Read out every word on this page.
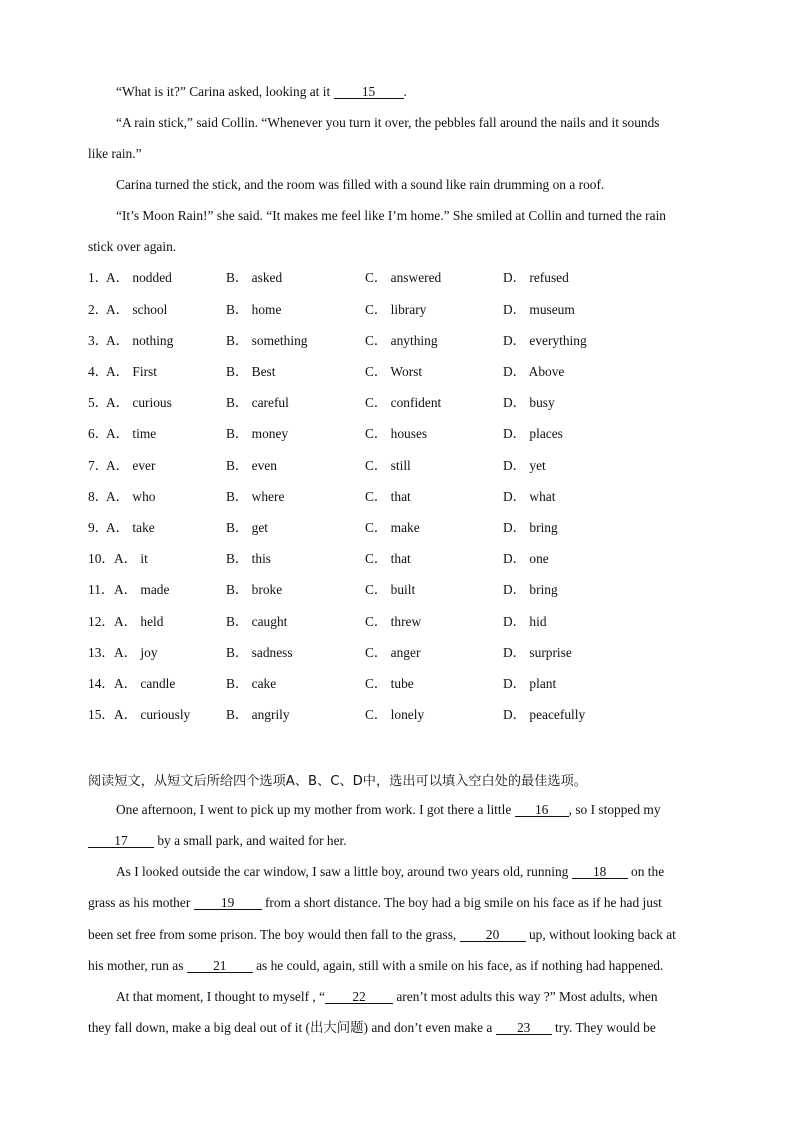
“What is it?” Carina asked, looking at it 15 .
“A rain stick,” said Collin. “Whenever you turn it over, the pebbles fall around the nails and it sounds
like rain.”
Carina turned the stick, and the room was filled with a sound like rain drumming on a roof.
“It’s Moon Rain!” she said. “It makes me feel like I’m home.” She smiled at Collin and turned the rain
stick over again.
1．
A． nodded	B． asked	C． answered	D． refused
2．
A． school	B． home	C． library	D． museum
3．
A． nothing	B． something	C． anything	D． everything
4．
A． First	B． Best	C． Worst	D． Above
5．
A． curious	B． careful	C． confident	D． busy
6．
A． time	B． money	C． houses	D． places
7．
A． ever	B． even	C． still	D． yet
8．
A． who	B． where	C． that	D． what
9．
A． take	B． get	C． make	D． bring
10． A． it	B． this	C． that	D． one
11． A． made	B． broke	C． built	D． bring
12． A． held	B． caught	C． threw	D． hid
13． A． joy	B． sadness	C． anger	D． surprise
14． A． candle	B． cake	C． tube	D． plant
15． A． curiously	B． angrily	C． lonely	D． peacefully
阅读短文，从短文后所给四个选项A、B、C、D中，选出可以填入空白处的最佳选项。
One afternoon, I went to pick up my mother from work. I got there a little 16 , so I stopped my
17 by a small park, and waited for her.
As I looked outside the car window, I saw a little boy, around two years old, running 18 on the
grass as his mother 19 from a short distance. The boy had a big smile on his face as if he had just
been set free from some prison. The boy would then fall to the grass, 20 up, without looking back at
his mother, run as 21 as he could, again, still with a smile on his face, as if nothing had happened.
At that moment, I thought to myself , “ 22 aren’t most adults this way ?” Most adults, when
they fall down, make a big deal out of it (出大问题) and don’t even make a 23 try. They would be
